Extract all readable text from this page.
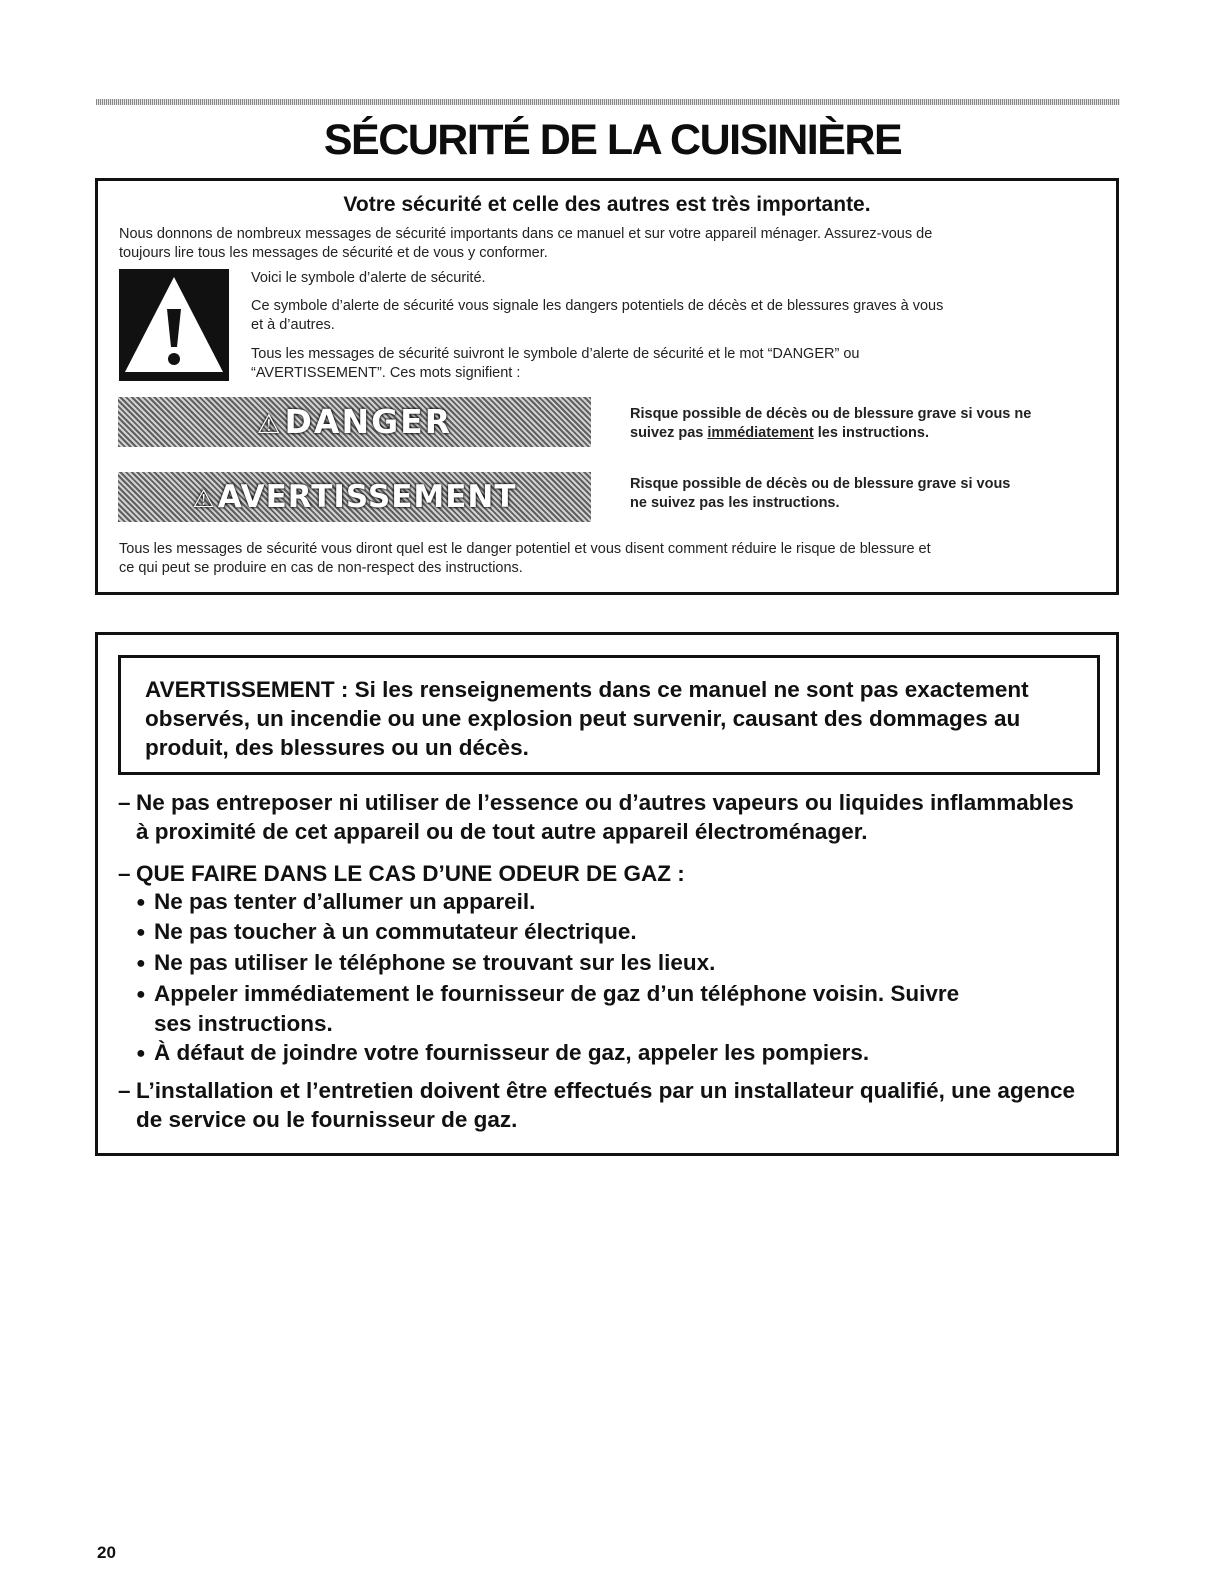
SÉCURITÉ DE LA CUISINIÈRE
Votre sécurité et celle des autres est très importante.
Nous donnons de nombreux messages de sécurité importants dans ce manuel et sur votre appareil ménager. Assurez-vous de
toujours lire tous les messages de sécurité et de vous y conformer.
Voici le symbole d’alerte de sécurité.
Ce symbole d’alerte de sécurité vous signale les dangers potentiels de décès et de blessures graves à vous
et à d’autres.
Tous les messages de sécurité suivront le symbole d’alerte de sécurité et le mot “DANGER” ou
“AVERTISSEMENT”. Ces mots signifient :
⚠DANGER	Risque possible de décès ou de blessure grave si vous ne
suivez pas immédiatement les instructions.
⚠AVERTISSEMENT	Risque possible de décès ou de blessure grave si vous
ne suivez pas les instructions.
Tous les messages de sécurité vous diront quel est le danger potentiel et vous disent comment réduire le risque de blessure et
ce qui peut se produire en cas de non-respect des instructions.
AVERTISSEMENT : Si les renseignements dans ce manuel ne sont pas exactement
observés, un incendie ou une explosion peut survenir, causant des dommages au
produit, des blessures ou un décès.
– Ne pas entreposer ni utiliser de l’essence ou d’autres vapeurs ou liquides inflammables
à proximité de cet appareil ou de tout autre appareil électroménager.
– QUE FAIRE DANS LE CAS D’UNE ODEUR DE GAZ :
● Ne pas tenter d’allumer un appareil.
● Ne pas toucher à un commutateur électrique.
● Ne pas utiliser le téléphone se trouvant sur les lieux.
● Appeler immédiatement le fournisseur de gaz d’un téléphone voisin. Suivre
ses instructions.
● À défaut de joindre votre fournisseur de gaz, appeler les pompiers.
– L’installation et l’entretien doivent être effectués par un installateur qualifié, une agence
de service ou le fournisseur de gaz.
20
